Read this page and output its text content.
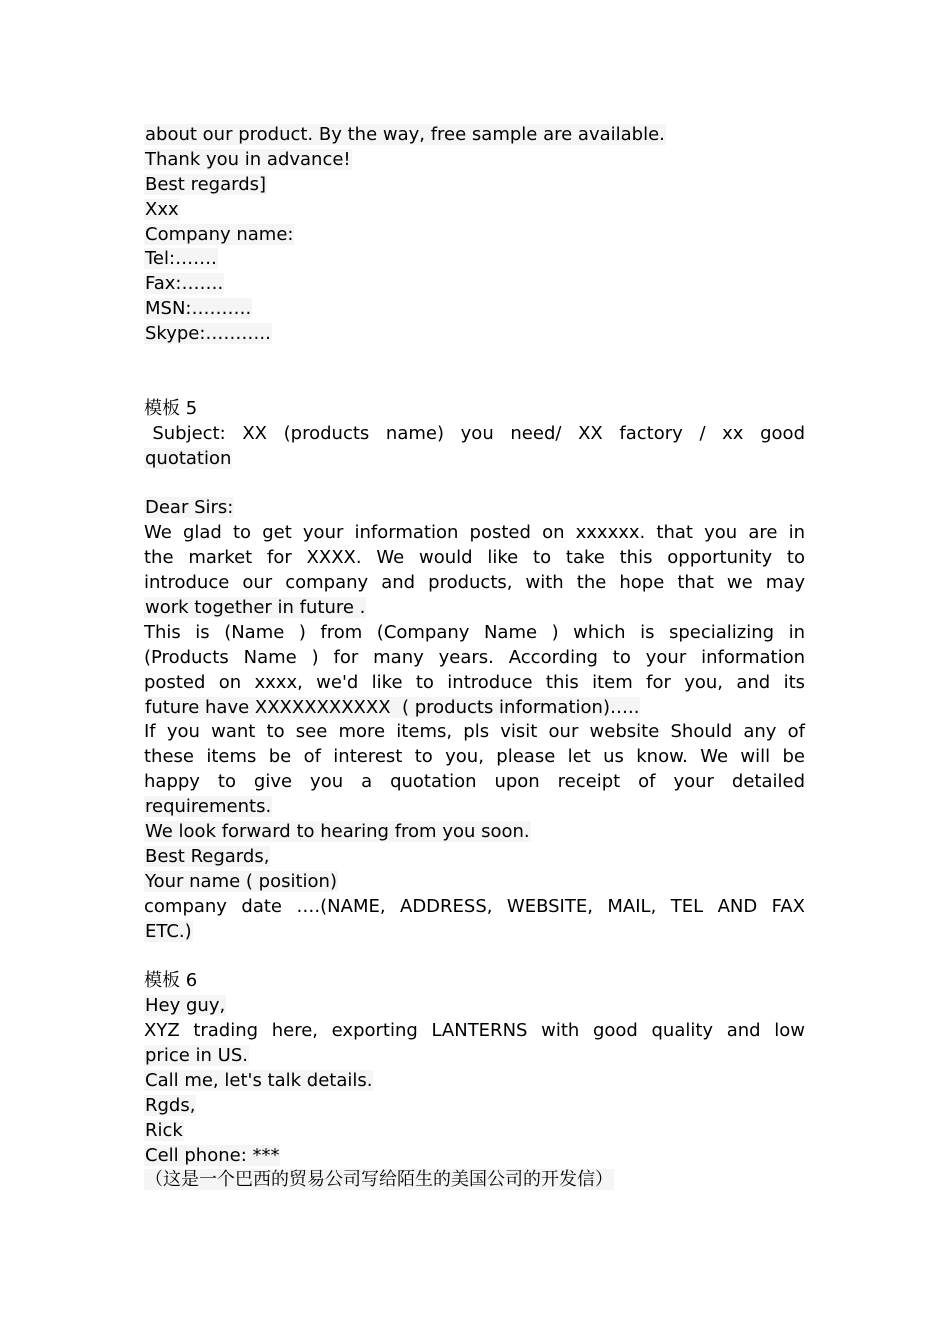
about our product. By the way, free sample are available.
Thank you in advance!
Best regards]
Xxx
Company name:
Tel:…….
Fax:…….
MSN:……….
Skype:………..
模板 5
Subject:  XX  (products  name)  you  need/  XX  factory  /  xx  good
quotation
Dear Sirs:
We glad to get your information posted on xxxxxx. that you are in
the market for XXXX. We would like to take this opportunity to
introduce our company and products, with the hope that we may
work together in future .
This is (Name ) from (Company Name ) which is specializing in
(Products Name ) for many years. According to your information
posted on xxxx, we'd like to introduce this item for you, and its
future have XXXXXXXXXXX  ( products information)…..
If you want to see more items, pls visit our website Should any of
these items be of interest to you, please let us know. We will be
happy to give you a quotation upon receipt of your detailed
requirements.
We look forward to hearing from you soon.
Best Regards,
Your name ( position)
company date ….(NAME, ADDRESS, WEBSITE, MAIL, TEL AND FAX
ETC.)
模板 6
Hey guy,
XYZ trading here, exporting LANTERNS with good quality and low
price in US.
Call me, let's talk details.
Rgds,
Rick
Cell phone: ***
（这是一个巴西的贸易公司写给陌生的美国公司的开发信）
